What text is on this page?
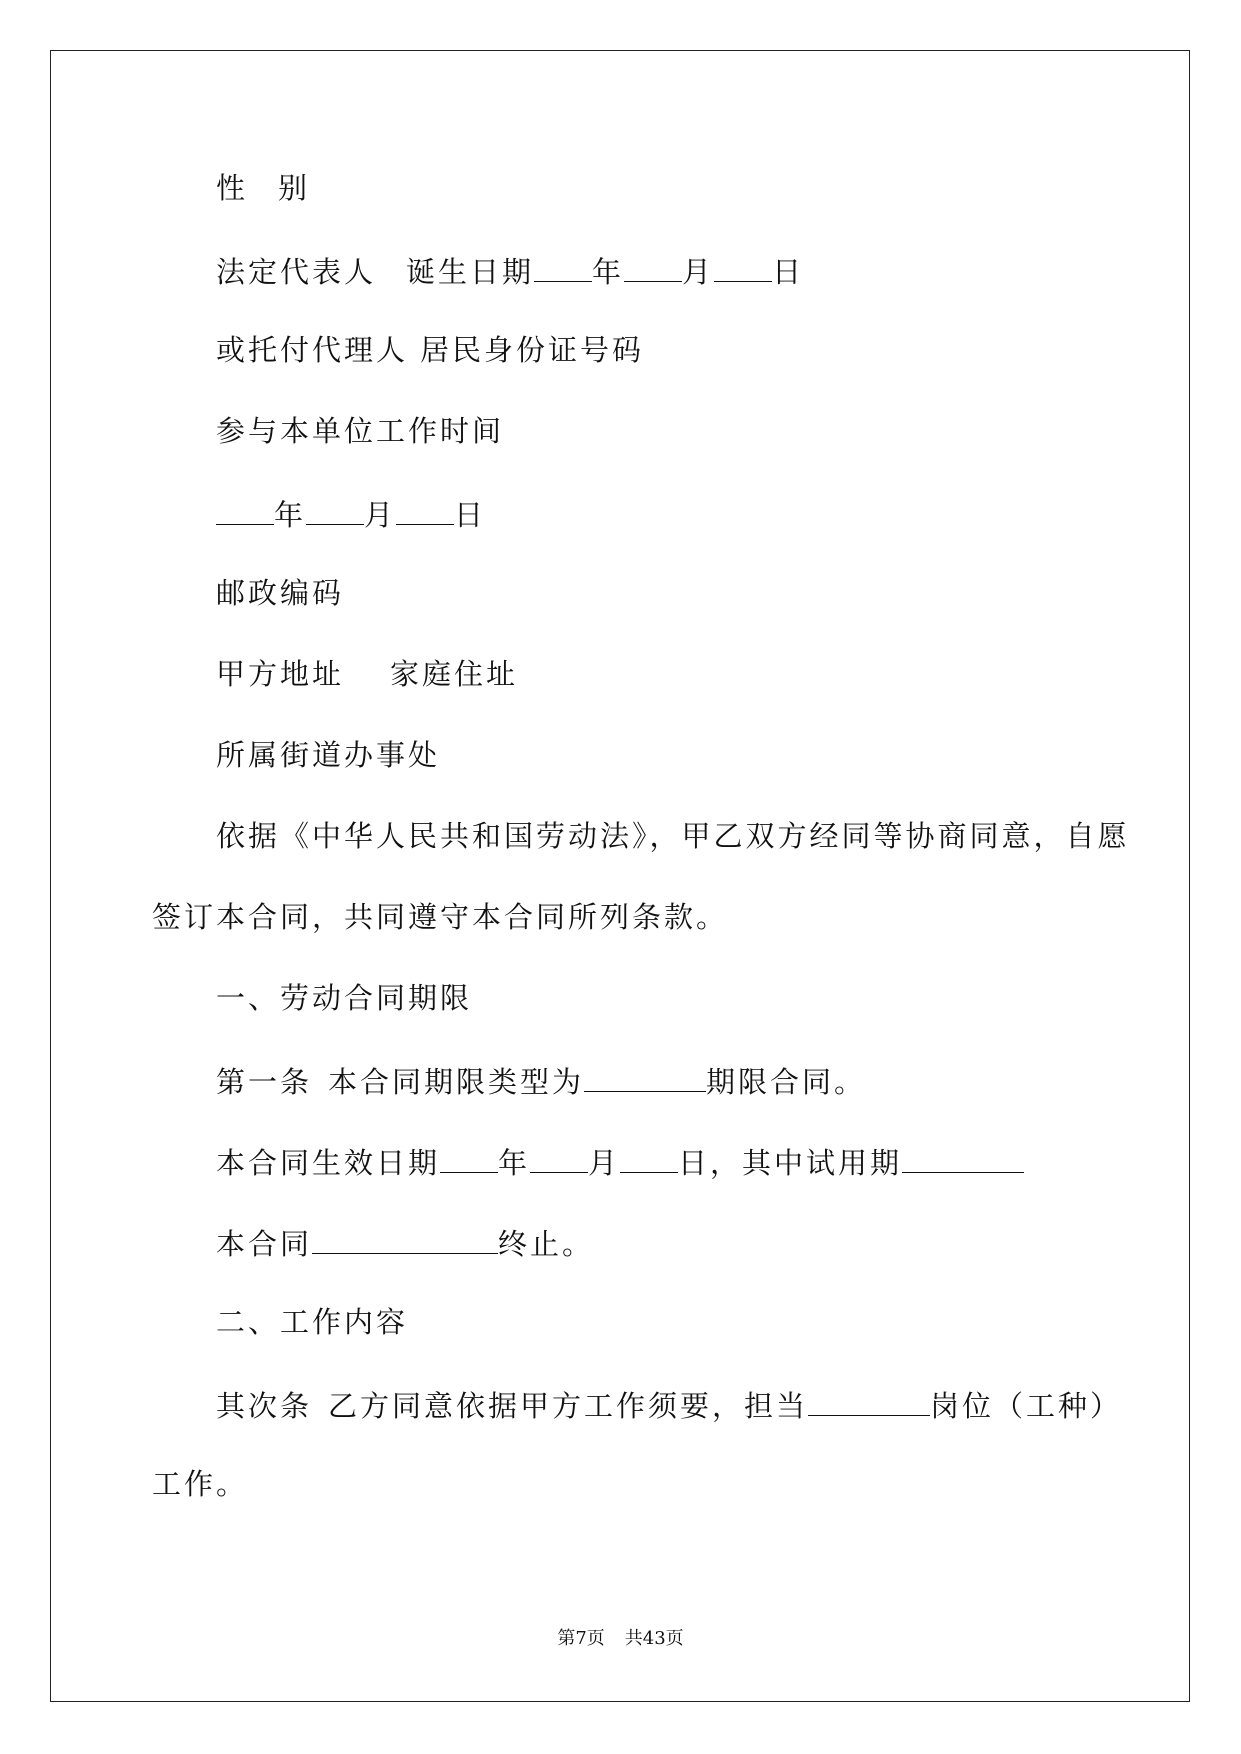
性 别
法定代表人 诞生日期 年 月 日
或托付代理人 居民身份证号码
参与本单位工作时间
年 月 日
邮政编码
甲方地址 家庭住址
所属街道办事处
依据《中华人民共和国劳动法》，甲乙双方经同等协商同意，自愿
签订本合同，共同遵守本合同所列条款。
一、劳动合同期限
第一条 本合同期限类型为	期限合同。
本合同生效日期 年 月 日，其中试用期
本合同	终止。
二、工作内容
其次条 乙方同意依据甲方工作须要，担当	岗位（工种）
工作。
第7页 共43页
